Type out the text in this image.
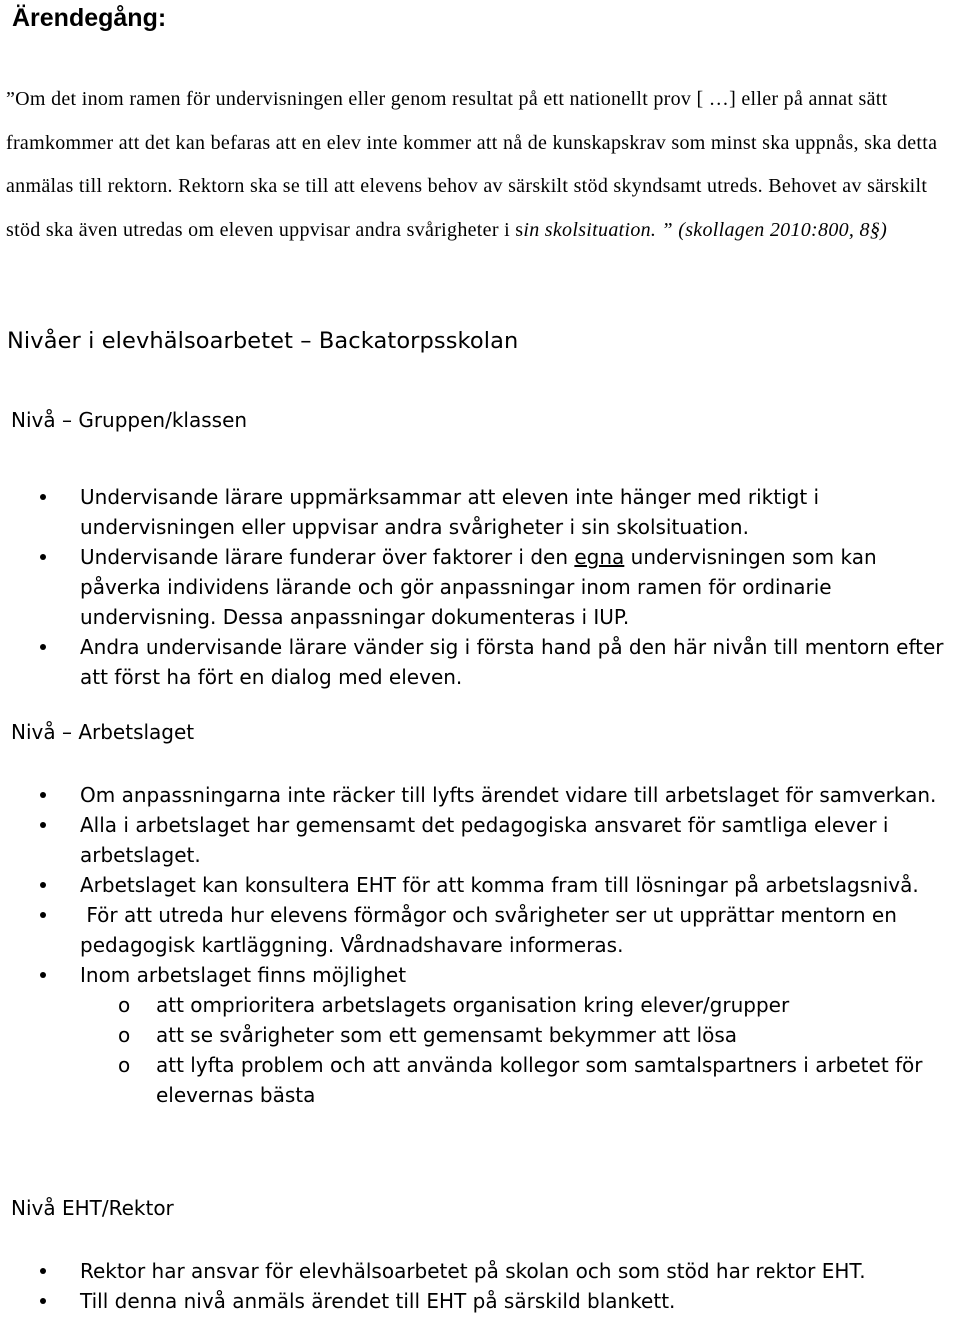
Ärendegång:

”Om det inom ramen för undervisningen eller genom resultat på ett nationellt prov [ …] eller på annat sätt framkommer att det kan befaras att en elev inte kommer att nå de kunskapskrav som minst ska uppnås, ska detta anmälas till rektorn. Rektorn ska se till att elevens behov av särskilt stöd skyndsamt utreds. Behovet av särskilt stöd ska även utredas om eleven uppvisar andra svårigheter i sin skolsituation. ” (skollagen 2010:800, 8§)

Nivåer i elevhälsoarbetet – Backatorpsskolan
Nivå – Gruppen/klassen
Undervisande lärare uppmärksammar att eleven inte hänger med riktigt i undervisningen eller uppvisar andra svårigheter i sin skolsituation.
Undervisande lärare funderar över faktorer i den egna undervisningen som kan påverka individens lärande och gör anpassningar inom ramen för ordinarie undervisning. Dessa anpassningar dokumenteras i IUP.
Andra undervisande lärare vänder sig i första hand på den här nivån till mentorn efter att först ha fört en dialog med eleven.
Nivå – Arbetslaget
Om anpassningarna inte räcker till lyfts ärendet vidare till arbetslaget för samverkan.
Alla i arbetslaget har gemensamt det pedagogiska ansvaret för samtliga elever i arbetslaget.
Arbetslaget kan konsultera EHT för att komma fram till lösningar på arbetslagsnivå.
För att utreda hur elevens förmågor och svårigheter ser ut upprättar mentorn en pedagogisk kartläggning. Vårdnadshavare informeras.
Inom arbetslaget finns möjlighet
o att omprioritera arbetslagets organisation kring elever/grupper
o att se svårigheter som ett gemensamt bekymmer att lösa
o att lyfta problem och att använda kollegor som samtalspartners i arbetet för elevernas bästa
Nivå EHT/Rektor
Rektor har ansvar för elevhälsoarbetet på skolan och som stöd har rektor EHT.
Till denna nivå anmäls ärendet till EHT på särskild blankett.
